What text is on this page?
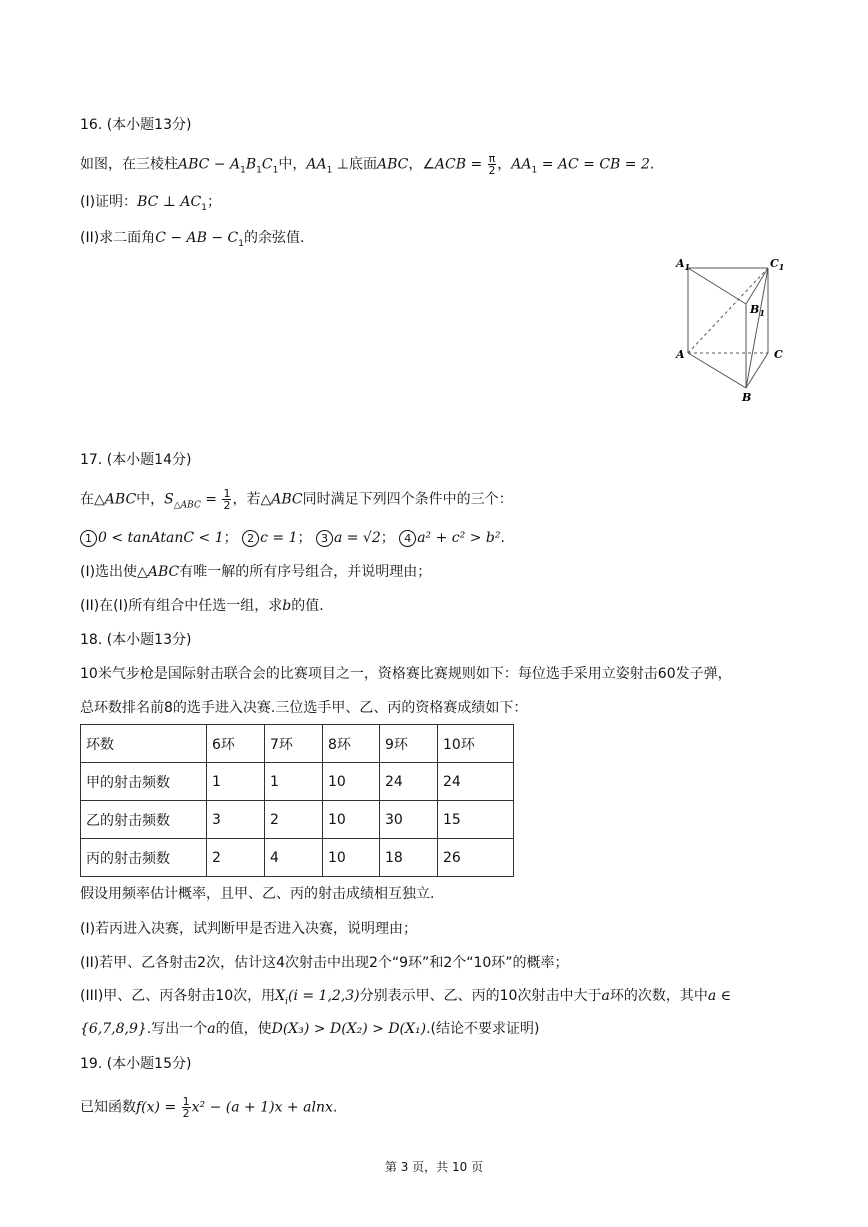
16. (本小题13分)
如图，在三棱柱ABC − $A_1B_1C_1$中，$AA_1$ ⊥底面ABC，∠ACB = $\frac{\pi}{2}$ ，$AA_1$ = AC = CB = 2.
(I)证明：BC ⊥ $AC_1$；
(II)求二面角C − AB − $C_1$的余弦值.
$A_1$	$C_1$
$B_1$
A	C
B
17. (本小题14分)
在△ABC中，$S_{\triangle ABC} = \frac{1}{2}$ ，若△ABC同时满足下列四个条件中的三个：
1 0 < tanAtanC < 1； 2 c = 1； 3 a = √2； 4 a² + c² > b².
(I)选出使△ABC有唯一解的所有序号组合，并说明理由；
(II)在(I)所有组合中任选一组，求b的值.
18. (本小题13分)
10米气步枪是国际射击联合会的比赛项目之一，资格赛比赛规则如下：每位选手采用立姿射击60发子弹，
总环数排名前8的选手进入决赛.三位选手甲、乙、丙的资格赛成绩如下：
环数	6环	7环	8环	9环	10环
甲的射击频数	1	1	10	24	24
乙的射击频数	3	2	10	30	15
丙的射击频数	2	4	10	18	26
假设用频率估计概率，且甲、乙、丙的射击成绩相互独立.
(I)若丙进入决赛，试判断甲是否进入决赛，说明理由；
(II)若甲、乙各射击2次，估计这4次射击中出现2个“9环”和2个“10环”的概率；
(III)甲、乙、丙各射击10次，用$X_i(i = 1,2,3)$分别表示甲、乙、丙的10次射击中大于a环的次数，其中a ∈
{6,7,8,9}.写出一个a的值，使D(X₃) > D(X₂) > D(X₁).(结论不要求证明)
19. (本小题15分)
已知函数$f(x) = \frac{1}{2} x^2 - (a + 1)x + alnx$.
第 3 页，共 10 页
